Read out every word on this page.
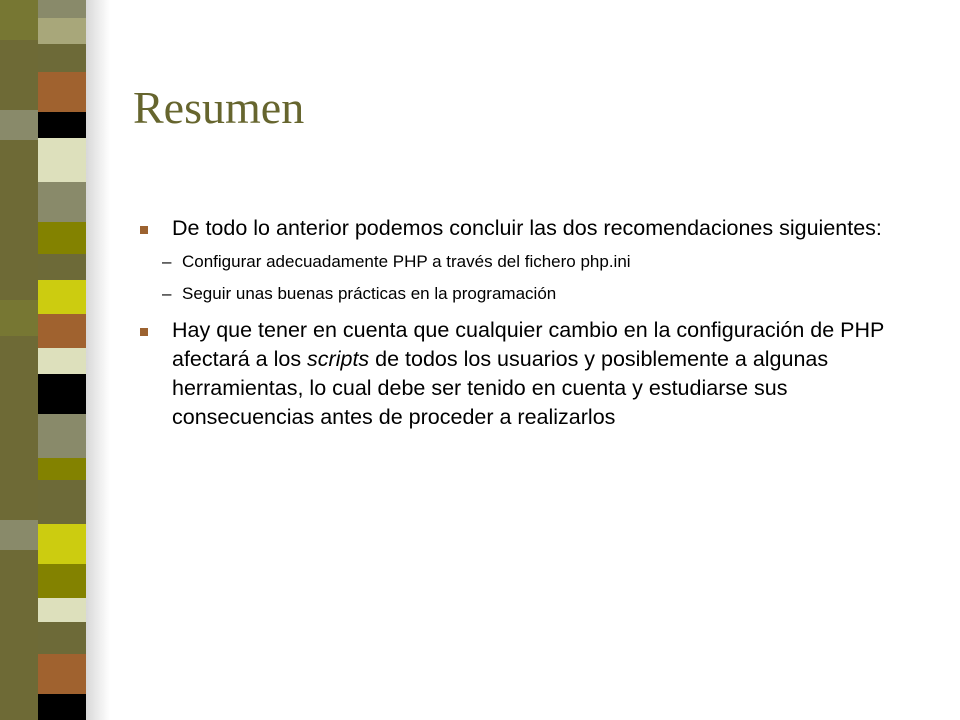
Resumen

De todo lo anterior podemos concluir las dos recomendaciones siguientes:

– Configurar adecuadamente PHP a través del fichero php.ini
– Seguir unas buenas prácticas en la programación

Hay que tener en cuenta que cualquier cambio en la configuración de PHP afectará a los scripts de todos los usuarios y posiblemente a algunas herramientas, lo cual debe ser tenido en cuenta y estudiarse sus consecuencias antes de proceder a realizarlos
